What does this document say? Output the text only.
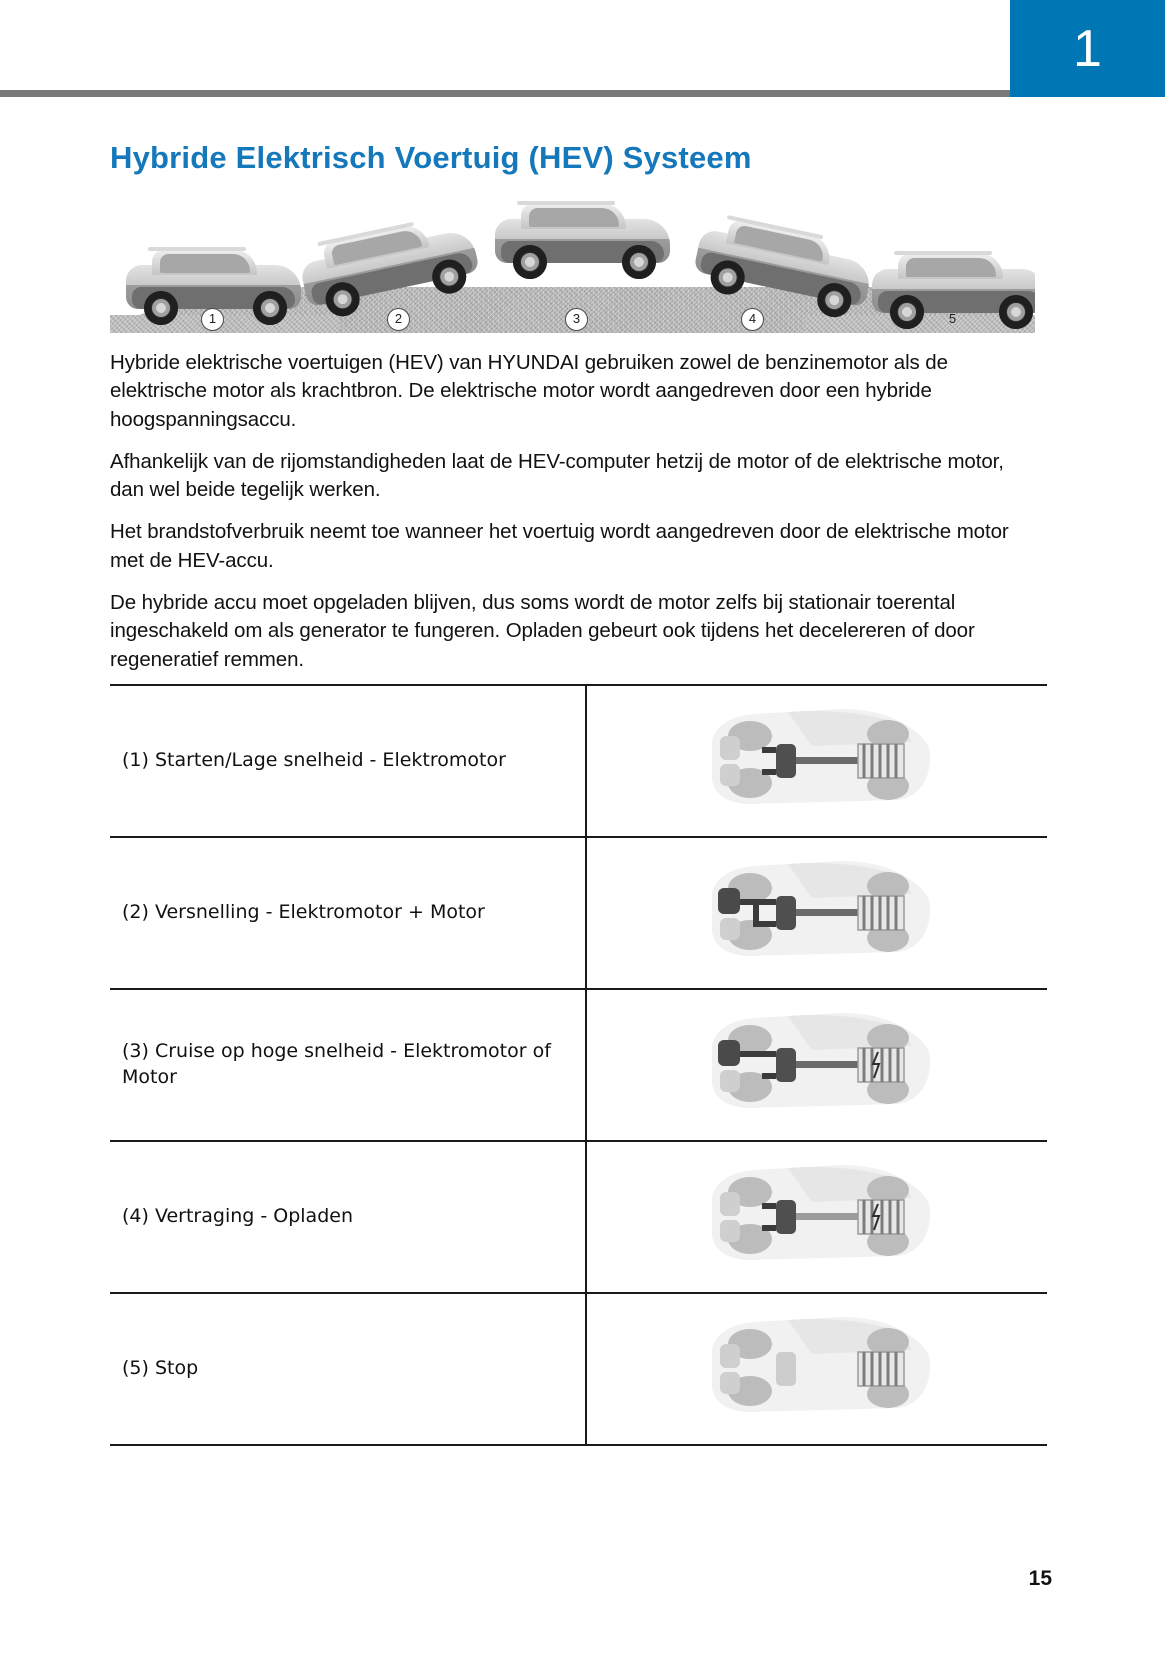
1
Hybride Elektrisch Voertuig (HEV) Systeem
1	2	3	4	5

Hybride elektrische voertuigen (HEV) van HYUNDAI gebruiken zowel de benzinemotor als de elektrische motor als krachtbron. De elektrische motor wordt aangedreven door een hybride hoogspanningsaccu.

Afhankelijk van de rijomstandigheden laat de HEV-computer hetzij de motor of de elektrische motor, dan wel beide tegelijk werken.

Het brandstofverbruik neemt toe wanneer het voertuig wordt aangedreven door de elektrische motor met de HEV-accu.

De hybride accu moet opgeladen blijven, dus soms wordt de motor zelfs bij stationair toerental ingeschakeld om als generator te fungeren. Opladen gebeurt ook tijdens het decelereren of door regeneratief remmen.

(1) Starten/Lage snelheid - Elektromotor	
(2) Versnelling - Elektromotor + Motor	
(3) Cruise op hoge snelheid - Elektromotor of Motor	
(4) Vertraging - Opladen	
(5) Stop	
15
